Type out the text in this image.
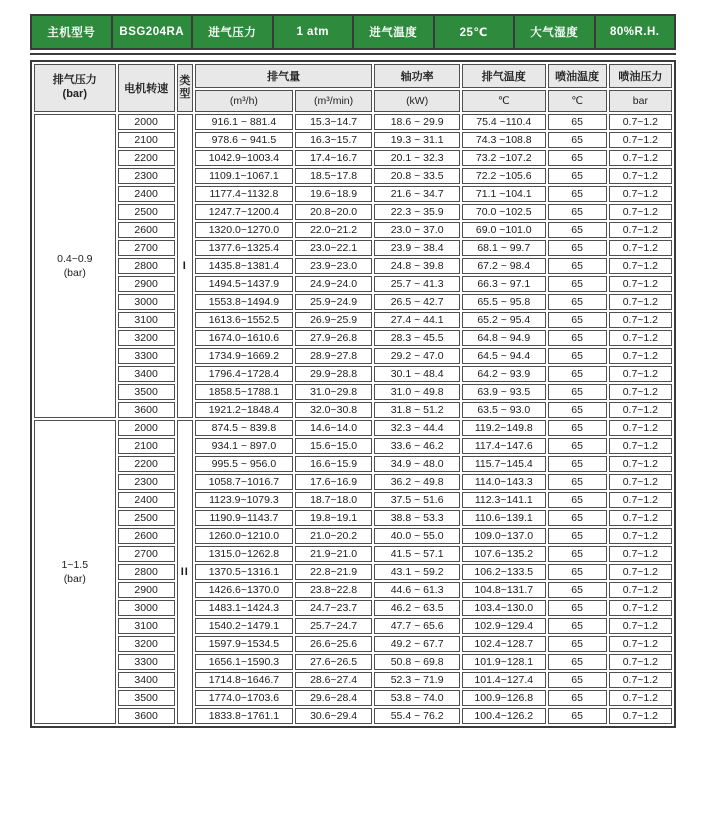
主机型号	BSG204RA	进气压力	1 atm	进气温度	25℃	大气湿度	80%R.H.
排气压力
(bar)	电机转速	类型	排气量		轴功率	排气温度	喷油温度	喷油压力
			(m³/h)	(m³/min)	(kW)	℃	℃	bar

0.4~0.9
(bar)	2000	I	916.1 ~ 881.4	15.3~14.7	18.6 ~ 29.9	75.4 ~110.4	65	0.7~1.2
	2100		978.6 ~ 941.5	16.3~15.7	19.3 ~ 31.1	74.3 ~108.8	65	0.7~1.2
	2200		1042.9~1003.4	17.4~16.7	20.1 ~ 32.3	73.2 ~107.2	65	0.7~1.2
	2300		1109.1~1067.1	18.5~17.8	20.8 ~ 33.5	72.2 ~105.6	65	0.7~1.2
	2400		1177.4~1132.8	19.6~18.9	21.6 ~ 34.7	71.1 ~104.1	65	0.7~1.2
	2500		1247.7~1200.4	20.8~20.0	22.3 ~ 35.9	70.0 ~102.5	65	0.7~1.2
	2600		1320.0~1270.0	22.0~21.2	23.0 ~ 37.0	69.0 ~101.0	65	0.7~1.2
	2700		1377.6~1325.4	23.0~22.1	23.9 ~ 38.4	68.1 ~ 99.7	65	0.7~1.2
	2800		1435.8~1381.4	23.9~23.0	24.8 ~ 39.8	67.2 ~ 98.4	65	0.7~1.2
	2900		1494.5~1437.9	24.9~24.0	25.7 ~ 41.3	66.3 ~ 97.1	65	0.7~1.2
	3000		1553.8~1494.9	25.9~24.9	26.5 ~ 42.7	65.5 ~ 95.8	65	0.7~1.2
	3100		1613.6~1552.5	26.9~25.9	27.4 ~ 44.1	65.2 ~ 95.4	65	0.7~1.2
	3200		1674.0~1610.6	27.9~26.8	28.3 ~ 45.5	64.8 ~ 94.9	65	0.7~1.2
	3300		1734.9~1669.2	28.9~27.8	29.2 ~ 47.0	64.5 ~ 94.4	65	0.7~1.2
	3400		1796.4~1728.4	29.9~28.8	30.1 ~ 48.4	64.2 ~ 93.9	65	0.7~1.2
	3500		1858.5~1788.1	31.0~29.8	31.0 ~ 49.8	63.9 ~ 93.5	65	0.7~1.2
	3600		1921.2~1848.4	32.0~30.8	31.8 ~ 51.2	63.5 ~ 93.0	65	0.7~1.2

1~1.5
(bar)	2000	II	874.5 ~ 839.8	14.6~14.0	32.3 ~ 44.4	119.2~149.8	65	0.7~1.2
	2100		934.1 ~ 897.0	15.6~15.0	33.6 ~ 46.2	117.4~147.6	65	0.7~1.2
	2200		995.5 ~ 956.0	16.6~15.9	34.9 ~ 48.0	115.7~145.4	65	0.7~1.2
	2300		1058.7~1016.7	17.6~16.9	36.2 ~ 49.8	114.0~143.3	65	0.7~1.2
	2400		1123.9~1079.3	18.7~18.0	37.5 ~ 51.6	112.3~141.1	65	0.7~1.2
	2500		1190.9~1143.7	19.8~19.1	38.8 ~ 53.3	110.6~139.1	65	0.7~1.2
	2600		1260.0~1210.0	21.0~20.2	40.0 ~ 55.0	109.0~137.0	65	0.7~1.2
	2700		1315.0~1262.8	21.9~21.0	41.5 ~ 57.1	107.6~135.2	65	0.7~1.2
	2800		1370.5~1316.1	22.8~21.9	43.1 ~ 59.2	106.2~133.5	65	0.7~1.2
	2900		1426.6~1370.0	23.8~22.8	44.6 ~ 61.3	104.8~131.7	65	0.7~1.2
	3000		1483.1~1424.3	24.7~23.7	46.2 ~ 63.5	103.4~130.0	65	0.7~1.2
	3100		1540.2~1479.1	25.7~24.7	47.7 ~ 65.6	102.9~129.4	65	0.7~1.2
	3200		1597.9~1534.5	26.6~25.6	49.2 ~ 67.7	102.4~128.7	65	0.7~1.2
	3300		1656.1~1590.3	27.6~26.5	50.8 ~ 69.8	101.9~128.1	65	0.7~1.2
	3400		1714.8~1646.7	28.6~27.4	52.3 ~ 71.9	101.4~127.4	65	0.7~1.2
	3500		1774.0~1703.6	29.6~28.4	53.8 ~ 74.0	100.9~126.8	65	0.7~1.2
	3600		1833.8~1761.1	30.6~29.4	55.4 ~ 76.2	100.4~126.2	65	0.7~1.2
